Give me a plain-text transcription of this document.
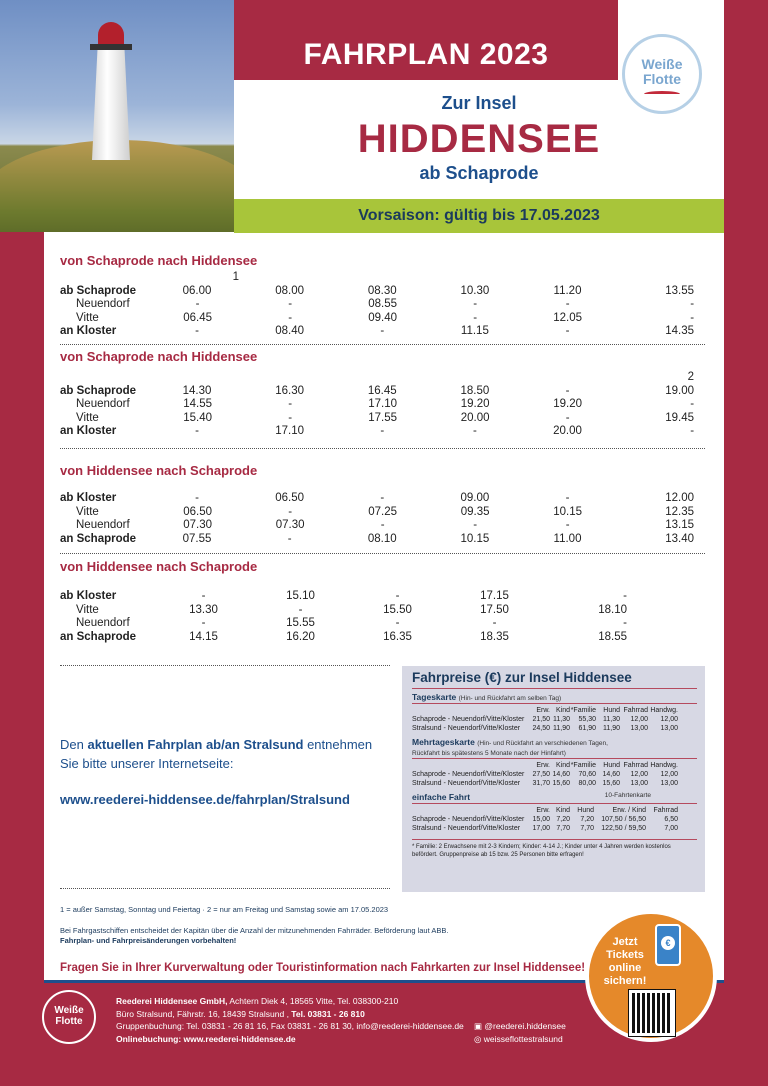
FAHRPLAN 2023	Weiße
Flotte
Zur Insel
HIDDENSEE
ab Schaprode
Vorsaison: gültig bis 17.05.2023
von Schaprode nach Hiddensee
1
ab Schaprode	06.00	08.00	08.30	10.30	11.20	13.55
Neuendorf	-	-	08.55	-	-	-
Vitte	06.45	-	09.40	-	12.05	-
an Kloster	-	08.40	-	11.15	-	14.35
von Schaprode nach Hiddensee
2
ab Schaprode	14.30	16.30	16.45	18.50	-	19.00
Neuendorf	14.55	-	17.10	19.20	19.20	-
Vitte	15.40	-	17.55	20.00	-	19.45
an Kloster	-	17.10	-	-	20.00	-
von Hiddensee nach Schaprode
ab Kloster	-	06.50	-	09.00	-	12.00
Vitte	06.50	-	07.25	09.35	10.15	12.35
Neuendorf	07.30	07.30	-	-	-	13.15
an Schaprode	07.55	-	08.10	10.15	11.00	13.40
von Hiddensee nach Schaprode
ab Kloster	-	15.10	-	17.15	-
Vitte	13.30	-	15.50	17.50	18.10
Neuendorf	-	15.55	-	-	-
an Schaprode	14.15	16.20	16.35	18.35	18.55
Den aktuellen Fahrplan ab/an Stralsund entnehmen Sie bitte unserer Internetseite:
www.reederei-hiddensee.de/fahrplan/Stralsund
Fahrpreise (€) zur Insel Hiddensee
Tageskarte (Hin- und Rückfahrt am selben Tag)
Erw. Kind *Familie	Hund Fahrrad Handwg.
Schaprode - Neuendorf/Vitte/Kloster	21,50 11,30	55,30	11,30	12,00	12,00
Stralsund - Neuendorf/Vitte/Kloster	24,50 11,90	61,90	11,90	13,00	13,00
Mehrtageskarte (Hin- und Rückfahrt an verschiedenen Tagen,
Rückfahrt bis spätestens 5 Monate nach der Hinfahrt)
Erw. Kind *Familie	Hund Fahrrad Handwg.
Schaprode - Neuendorf/Vitte/Kloster	27,50 14,60	70,60 14,60	12,00	12,00
Stralsund - Neuendorf/Vitte/Kloster	31,70 15,60	80,00 15,60	13,00	13,00
einfache Fahrt	10-Fahrtenkarte
Erw. Kind	Hund	Erw. / Kind	Fahrrad
Schaprode - Neuendorf/Vitte/Kloster	15,00 7,20	7,20	107,50 / 56,50	6,50
Stralsund - Neuendorf/Vitte/Kloster	17,00 7,70	7,70	122,50 / 59,50	7,00
* Familie: 2 Erwachsene mit 2-3 Kindern; Kinder: 4-14 J.; Kinder unter 4 Jahren werden kostenlos befördert. Gruppenpreise ab 15 bzw. 25 Personen bitte erfragen!
1 = außer Samstag, Sonntag und Feiertag · 2 = nur am Freitag und Samstag sowie am 17.05.2023
Bei Fahrgastschiffen entscheidet der Kapitän über die Anzahl der mitzunehmenden Fahrräder. Beförderung laut ABB.
Fahrplan- und Fahrpreisänderungen vorbehalten!
Fragen Sie in Ihrer Kurverwaltung oder Touristinformation nach Fahrkarten zur Insel Hiddensee!
Weiße
Flotte
Reederei Hiddensee GmbH, Achtern Diek 4, 18565 Vitte, Tel. 038300-210
Büro Stralsund, Fährstr. 16, 18439 Stralsund , Tel. 03831 - 26 810
Gruppenbuchung: Tel. 03831 - 26 81 16, Fax 03831 - 26 81 30, info@reederei-hiddensee.de
Onlinebuchung: www.reederei-hiddensee.de
▣ @reederei.hiddensee
◎ weisseflottestralsund
Jetzt
Tickets
online
sichern!
€
